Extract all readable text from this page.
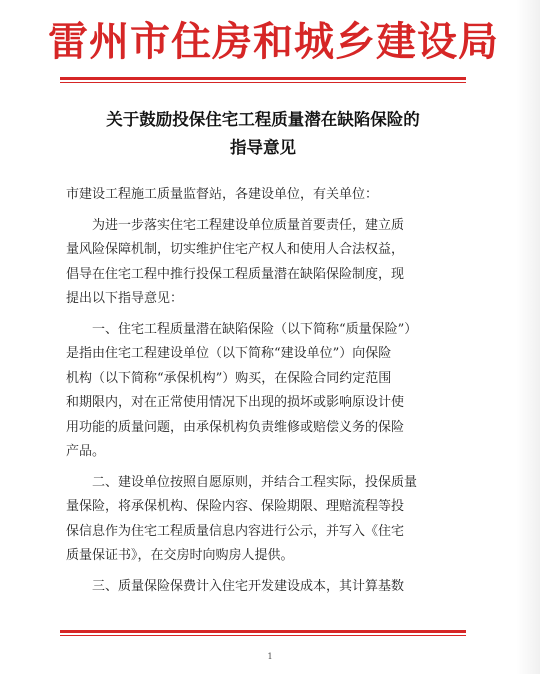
雷州市住房和城乡建设局
关于鼓励投保住宅工程质量潜在缺陷保险的
指导意见
市建设工程施工质量监督站，各建设单位，有关单位：
为进一步落实住宅工程建设单位质量首要责任，建立质
量风险保障机制，切实维护住宅产权人和使用人合法权益，
倡导在住宅工程中推行投保工程质量潜在缺陷保险制度，现
提出以下指导意见：
一、住宅工程质量潜在缺陷保险（以下简称“质量保险”）
是指由住宅工程建设单位（以下简称“建设单位”）向保险
机构（以下简称“承保机构”）购买，在保险合同约定范围
和期限内，对在正常使用情况下出现的损坏或影响原设计使
用功能的质量问题，由承保机构负责维修或赔偿义务的保险
产品。
二、建设单位按照自愿原则，并结合工程实际，投保质量
量保险，将承保机构、保险内容、保险期限、理赔流程等投
保信息作为住宅工程质量信息内容进行公示，并写入《住宅
质量保证书》，在交房时向购房人提供。
三、质量保险保费计入住宅开发建设成本，其计算基数
1
